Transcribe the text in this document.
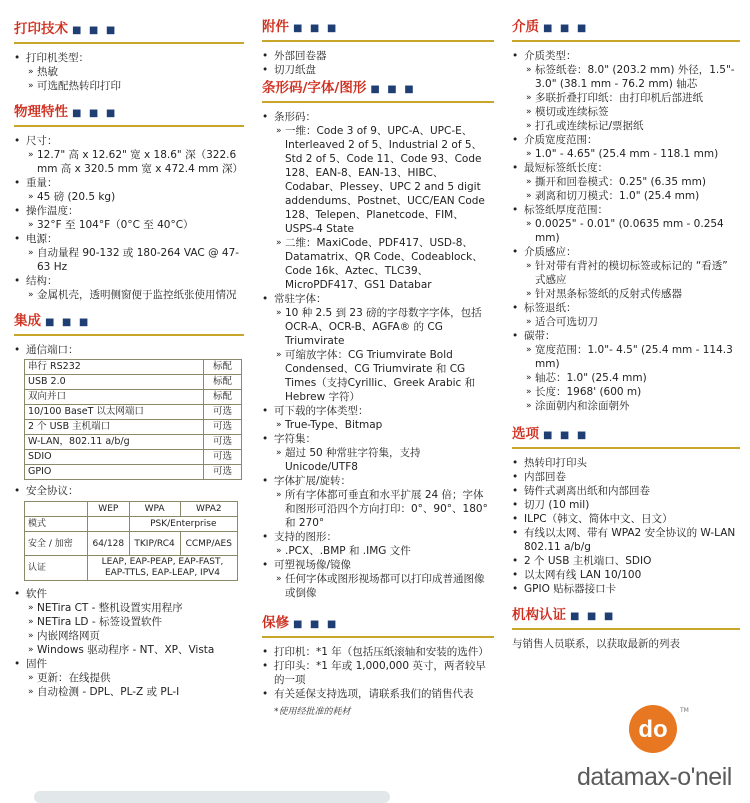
打印技术 ■ ■ ■
• 打印机类型：
» 热敏
» 可选配热转印打印
物理特性 ■ ■ ■
• 尺寸：
» 12.7" 高 x 12.62" 宽 x 18.6" 深（322.6 mm 高 x 320.5 mm 宽 x 472.4 mm 深）
• 重量：
» 45 磅 (20.5 kg)
• 操作温度：
» 32°F 至 104°F（0°C 至 40°C）
• 电源：
» 自动量程 90-132 或 180-264 VAC @ 47-63 Hz
• 结构：
» 金属机壳，透明侧窗便于监控纸张使用情况
集成 ■ ■ ■
• 通信端口：
串行 RS232	标配
USB 2.0	标配
双向并口	标配
10/100 BaseT 以太网端口	可选
2 个 USB 主机端口	可选
W-LAN，802.11 a/b/g	可选
SDIO	可选
GPIO	可选
• 安全协议：
	WEP	WPA	WPA2
模式		PSK/Enterprise	
安全 / 加密	64/128	TKIP/RC4	CCMP/AES
认证	LEAP, EAP-PEAP, EAP-FAST,
EAP-TTLS, EAP-LEAP, IPV4		
• 软件
» NETira CT - 整机设置实用程序
» NETira LD - 标签设置软件
» 内嵌网络网页
» Windows 驱动程序 - NT、XP、Vista
• 固件
» 更新：在线提供
» 自动检测 - DPL、PL-Z 或 PL-I
附件 ■ ■ ■
• 外部回卷器
• 切刀纸盘
条形码/字体/图形 ■ ■ ■
• 条形码：
» 一维：Code 3 of 9、UPC-A、UPC-E、Interleaved 2 of 5、Industrial 2 of 5、Std 2 of 5、Code 11、Code 93、Code 128、EAN-8、EAN-13、HIBC、Codabar、Plessey、UPC 2 and 5 digit addendums、Postnet、UCC/EAN Code 128、Telepen、Planetcode、FIM、USPS-4 State
» 二维：MaxiCode、PDF417、USD-8、Datamatrix、QR Code、Codeablock、Code 16k、Aztec、TLC39、MicroPDF417、GS1 Databar
• 常驻字体：
» 10 种 2.5 到 23 磅的字母数字字体，包括 OCR-A、OCR-B、AGFA® 的 CG Triumvirate
» 可缩放字体：CG Triumvirate Bold Condensed、CG Triumvirate 和 CG Times（支持Cyrillic、Greek Arabic 和 Hebrew 字符）
• 可下载的字体类型：
» True-Type、Bitmap
• 字符集：
» 超过 50 种常驻字符集，支持 Unicode/UTF8
• 字体扩展/旋转：
» 所有字体都可垂直和水平扩展 24 倍；字体和图形可沿四个方向打印：0°、90°、180° 和 270°
• 支持的图形：
» .PCX、.BMP 和 .IMG 文件
• 可塑视场像/镜像
» 任何字体或图形视场都可以打印成普通图像或倒像
保修 ■ ■ ■
• 打印机：*1 年（包括压纸滚轴和安装的选件）
• 打印头：*1 年或 1,000,000 英寸，两者较早的一项
• 有关延保支持选项，请联系我们的销售代表
*使用经批准的耗材
介质 ■ ■ ■
• 介质类型：
» 标签纸卷：8.0" (203.2 mm) 外径，1.5"- 3.0" (38.1 mm - 76.2 mm) 轴芯
» 多联折叠打印纸：由打印机后部进纸
» 模切或连续标签
» 打孔或连续标记/票据纸
• 介质宽度范围：
» 1.0" - 4.65" (25.4 mm - 118.1 mm)
• 最短标签纸长度：
» 撕开和回卷模式：0.25" (6.35 mm)
» 剥离和切刀模式：1.0" (25.4 mm)
• 标签纸厚度范围：
» 0.0025" - 0.01" (0.0635 mm - 0.254 mm)
• 介质感应：
» 针对带有背衬的模切标签或标记的 “看透” 式感应
» 针对黑条标签纸的反射式传感器
• 标签退纸：
» 适合可选切刀
• 碳带：
» 宽度范围：1.0"- 4.5" (25.4 mm - 114.3 mm)
» 轴芯：1.0" (25.4 mm)
» 长度：1968' (600 m)
» 涂面朝内和涂面朝外
选项 ■ ■ ■
• 热转印打印头
• 内部回卷
• 铸件式剥离出纸和内部回卷
• 切刀 (10 mil)
• ILPC（韩文、简体中文、日文）
• 有线以太网、带有 WPA2 安全协议的 W-LAN 802.11 a/b/g
• 2 个 USB 主机端口、SDIO
• 以太网有线 LAN 10/100
• GPIO 贴标器接口卡
机构认证 ■ ■ ■
与销售人员联系，以获取最新的列表
do
TM
datamax-o'neil
